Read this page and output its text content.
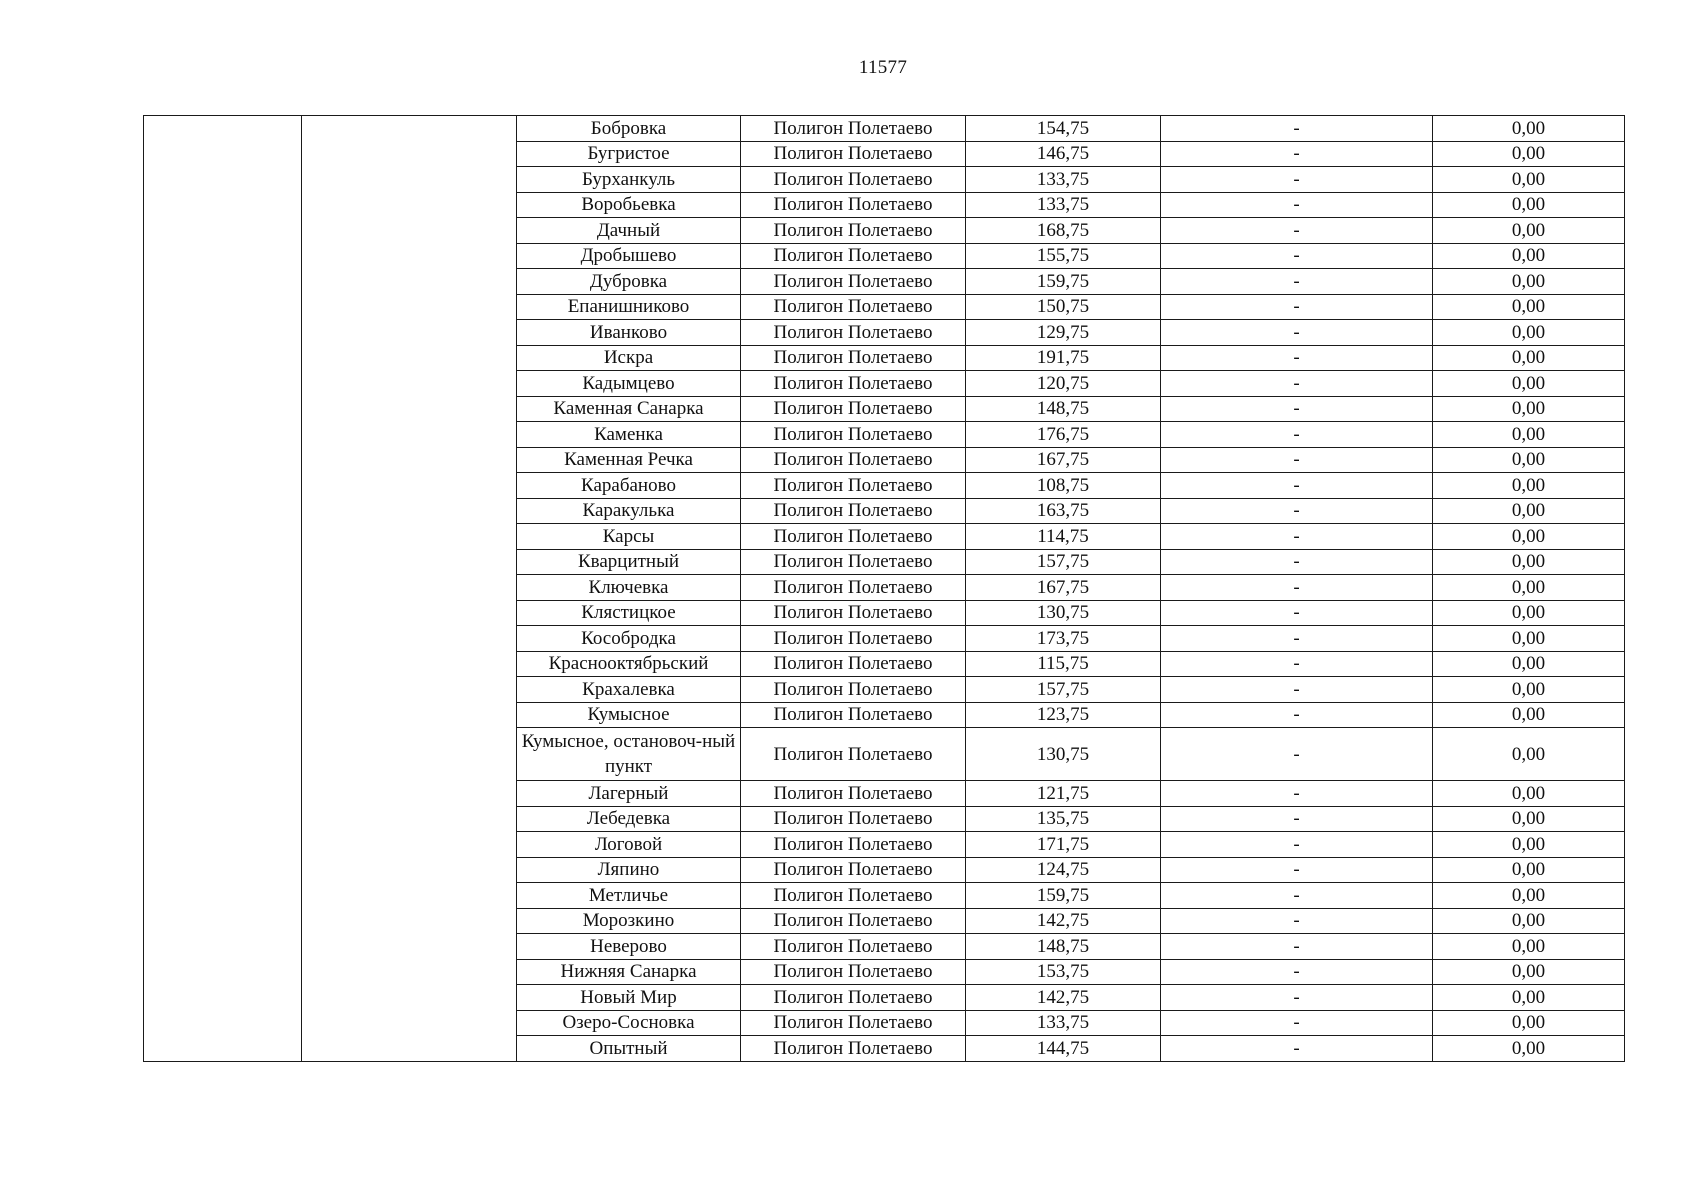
11577
		Бобровка	Полигон Полетаево	154,75	-	0,00
		Бугристое	Полигон Полетаево	146,75	-	0,00
		Бурханкуль	Полигон Полетаево	133,75	-	0,00
		Воробьевка	Полигон Полетаево	133,75	-	0,00
		Дачный	Полигон Полетаево	168,75	-	0,00
		Дробышево	Полигон Полетаево	155,75	-	0,00
		Дубровка	Полигон Полетаево	159,75	-	0,00
		Епанишниково	Полигон Полетаево	150,75	-	0,00
		Иванково	Полигон Полетаево	129,75	-	0,00
		Искра	Полигон Полетаево	191,75	-	0,00
		Кадымцево	Полигон Полетаево	120,75	-	0,00
		Каменная Санарка	Полигон Полетаево	148,75	-	0,00
		Каменка	Полигон Полетаево	176,75	-	0,00
		Каменная Речка	Полигон Полетаево	167,75	-	0,00
		Карабаново	Полигон Полетаево	108,75	-	0,00
		Каракулька	Полигон Полетаево	163,75	-	0,00
		Карсы	Полигон Полетаево	114,75	-	0,00
		Кварцитный	Полигон Полетаево	157,75	-	0,00
		Ключевка	Полигон Полетаево	167,75	-	0,00
		Клястицкое	Полигон Полетаево	130,75	-	0,00
		Кособродка	Полигон Полетаево	173,75	-	0,00
		Краснооктябрьский	Полигон Полетаево	115,75	-	0,00
		Крахалевка	Полигон Полетаево	157,75	-	0,00
		Кумысное	Полигон Полетаево	123,75	-	0,00
		Кумысное, остановоч-ный пункт	Полигон Полетаево	130,75	-	0,00
		Лагерный	Полигон Полетаево	121,75	-	0,00
		Лебедевка	Полигон Полетаево	135,75	-	0,00
		Логовой	Полигон Полетаево	171,75	-	0,00
		Ляпино	Полигон Полетаево	124,75	-	0,00
		Метличье	Полигон Полетаево	159,75	-	0,00
		Морозкино	Полигон Полетаево	142,75	-	0,00
		Неверово	Полигон Полетаево	148,75	-	0,00
		Нижняя Санарка	Полигон Полетаево	153,75	-	0,00
		Новый Мир	Полигон Полетаево	142,75	-	0,00
		Озеро-Сосновка	Полигон Полетаево	133,75	-	0,00
		Опытный	Полигон Полетаево	144,75	-	0,00
